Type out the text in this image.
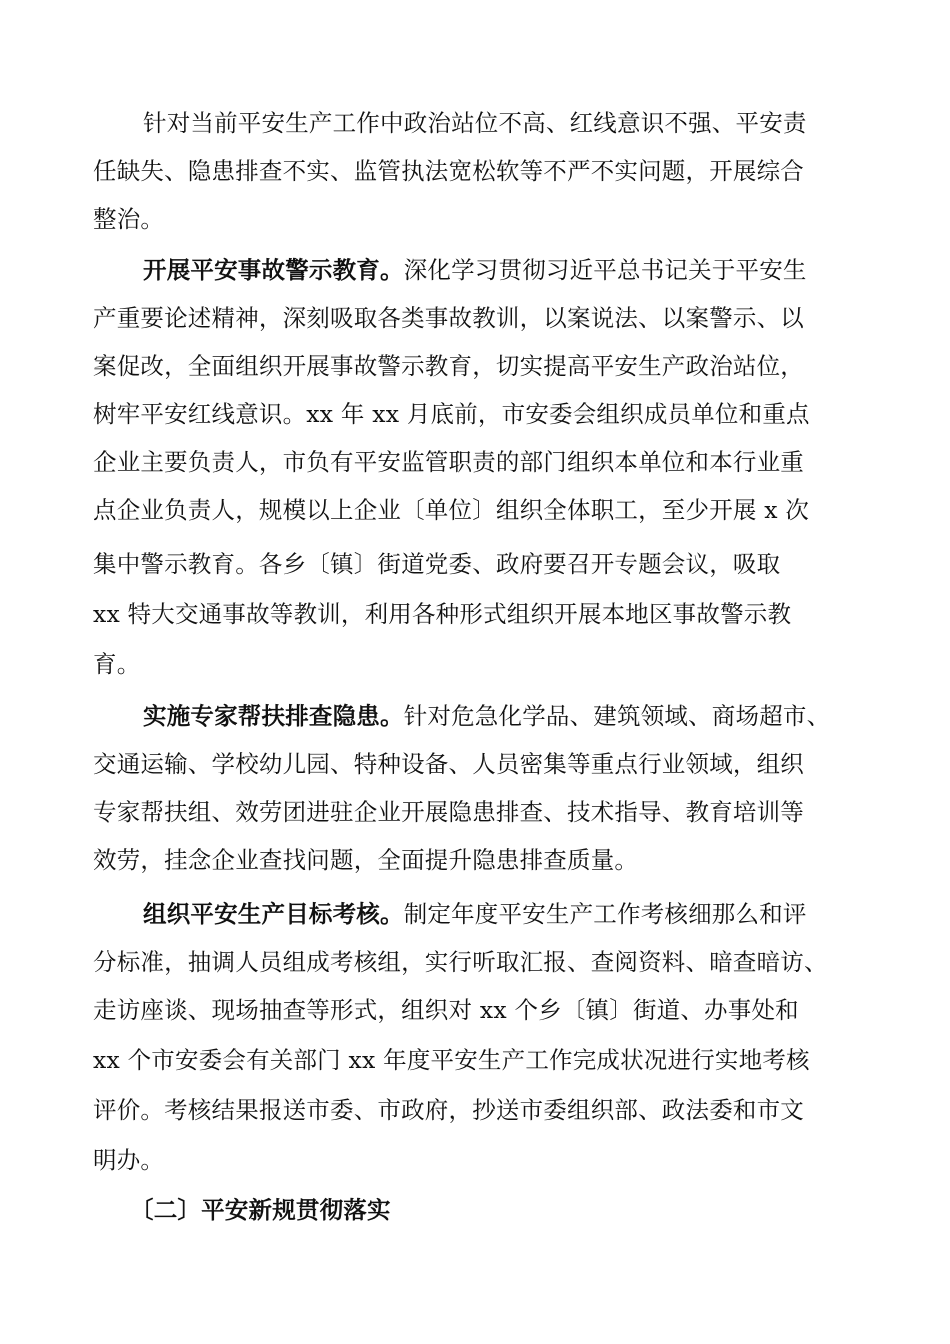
针对当前平安生产工作中政治站位不高、红线意识不强、平安责

任缺失、隐患排查不实、监管执法宽松软等不严不实问题，开展综合

整治。

开展平安事故警示教育。深化学习贯彻习近平总书记关于平安生

产重要论述精神，深刻吸取各类事故教训，以案说法、以案警示、以

案促改，全面组织开展事故警示教育，切实提高平安生产政治站位，

树牢平安红线意识。xx 年 xx 月底前，市安委会组织成员单位和重点

企业主要负责人，市负有平安监管职责的部门组织本单位和本行业重

点企业负责人，规模以上企业〔单位〕组织全体职工，至少开展 x 次

集中警示教育。各乡〔镇〕街道党委、政府要召开专题会议，吸取

xx 特大交通事故等教训，利用各种形式组织开展本地区事故警示教

育。

实施专家帮扶排查隐患。针对危急化学品、建筑领域、商场超市、

交通运输、学校幼儿园、特种设备、人员密集等重点行业领域，组织

专家帮扶组、效劳团进驻企业开展隐患排查、技术指导、教育培训等

效劳，挂念企业查找问题，全面提升隐患排查质量。

组织平安生产目标考核。制定年度平安生产工作考核细那么和评

分标准，抽调人员组成考核组，实行听取汇报、查阅资料、暗查暗访、

走访座谈、现场抽查等形式，组织对 xx 个乡〔镇〕街道、办事处和

xx 个市安委会有关部门 xx 年度平安生产工作完成状况进行实地考核

评价。考核结果报送市委、市政府，抄送市委组织部、政法委和市文

明办。

〔二〕平安新规贯彻落实
